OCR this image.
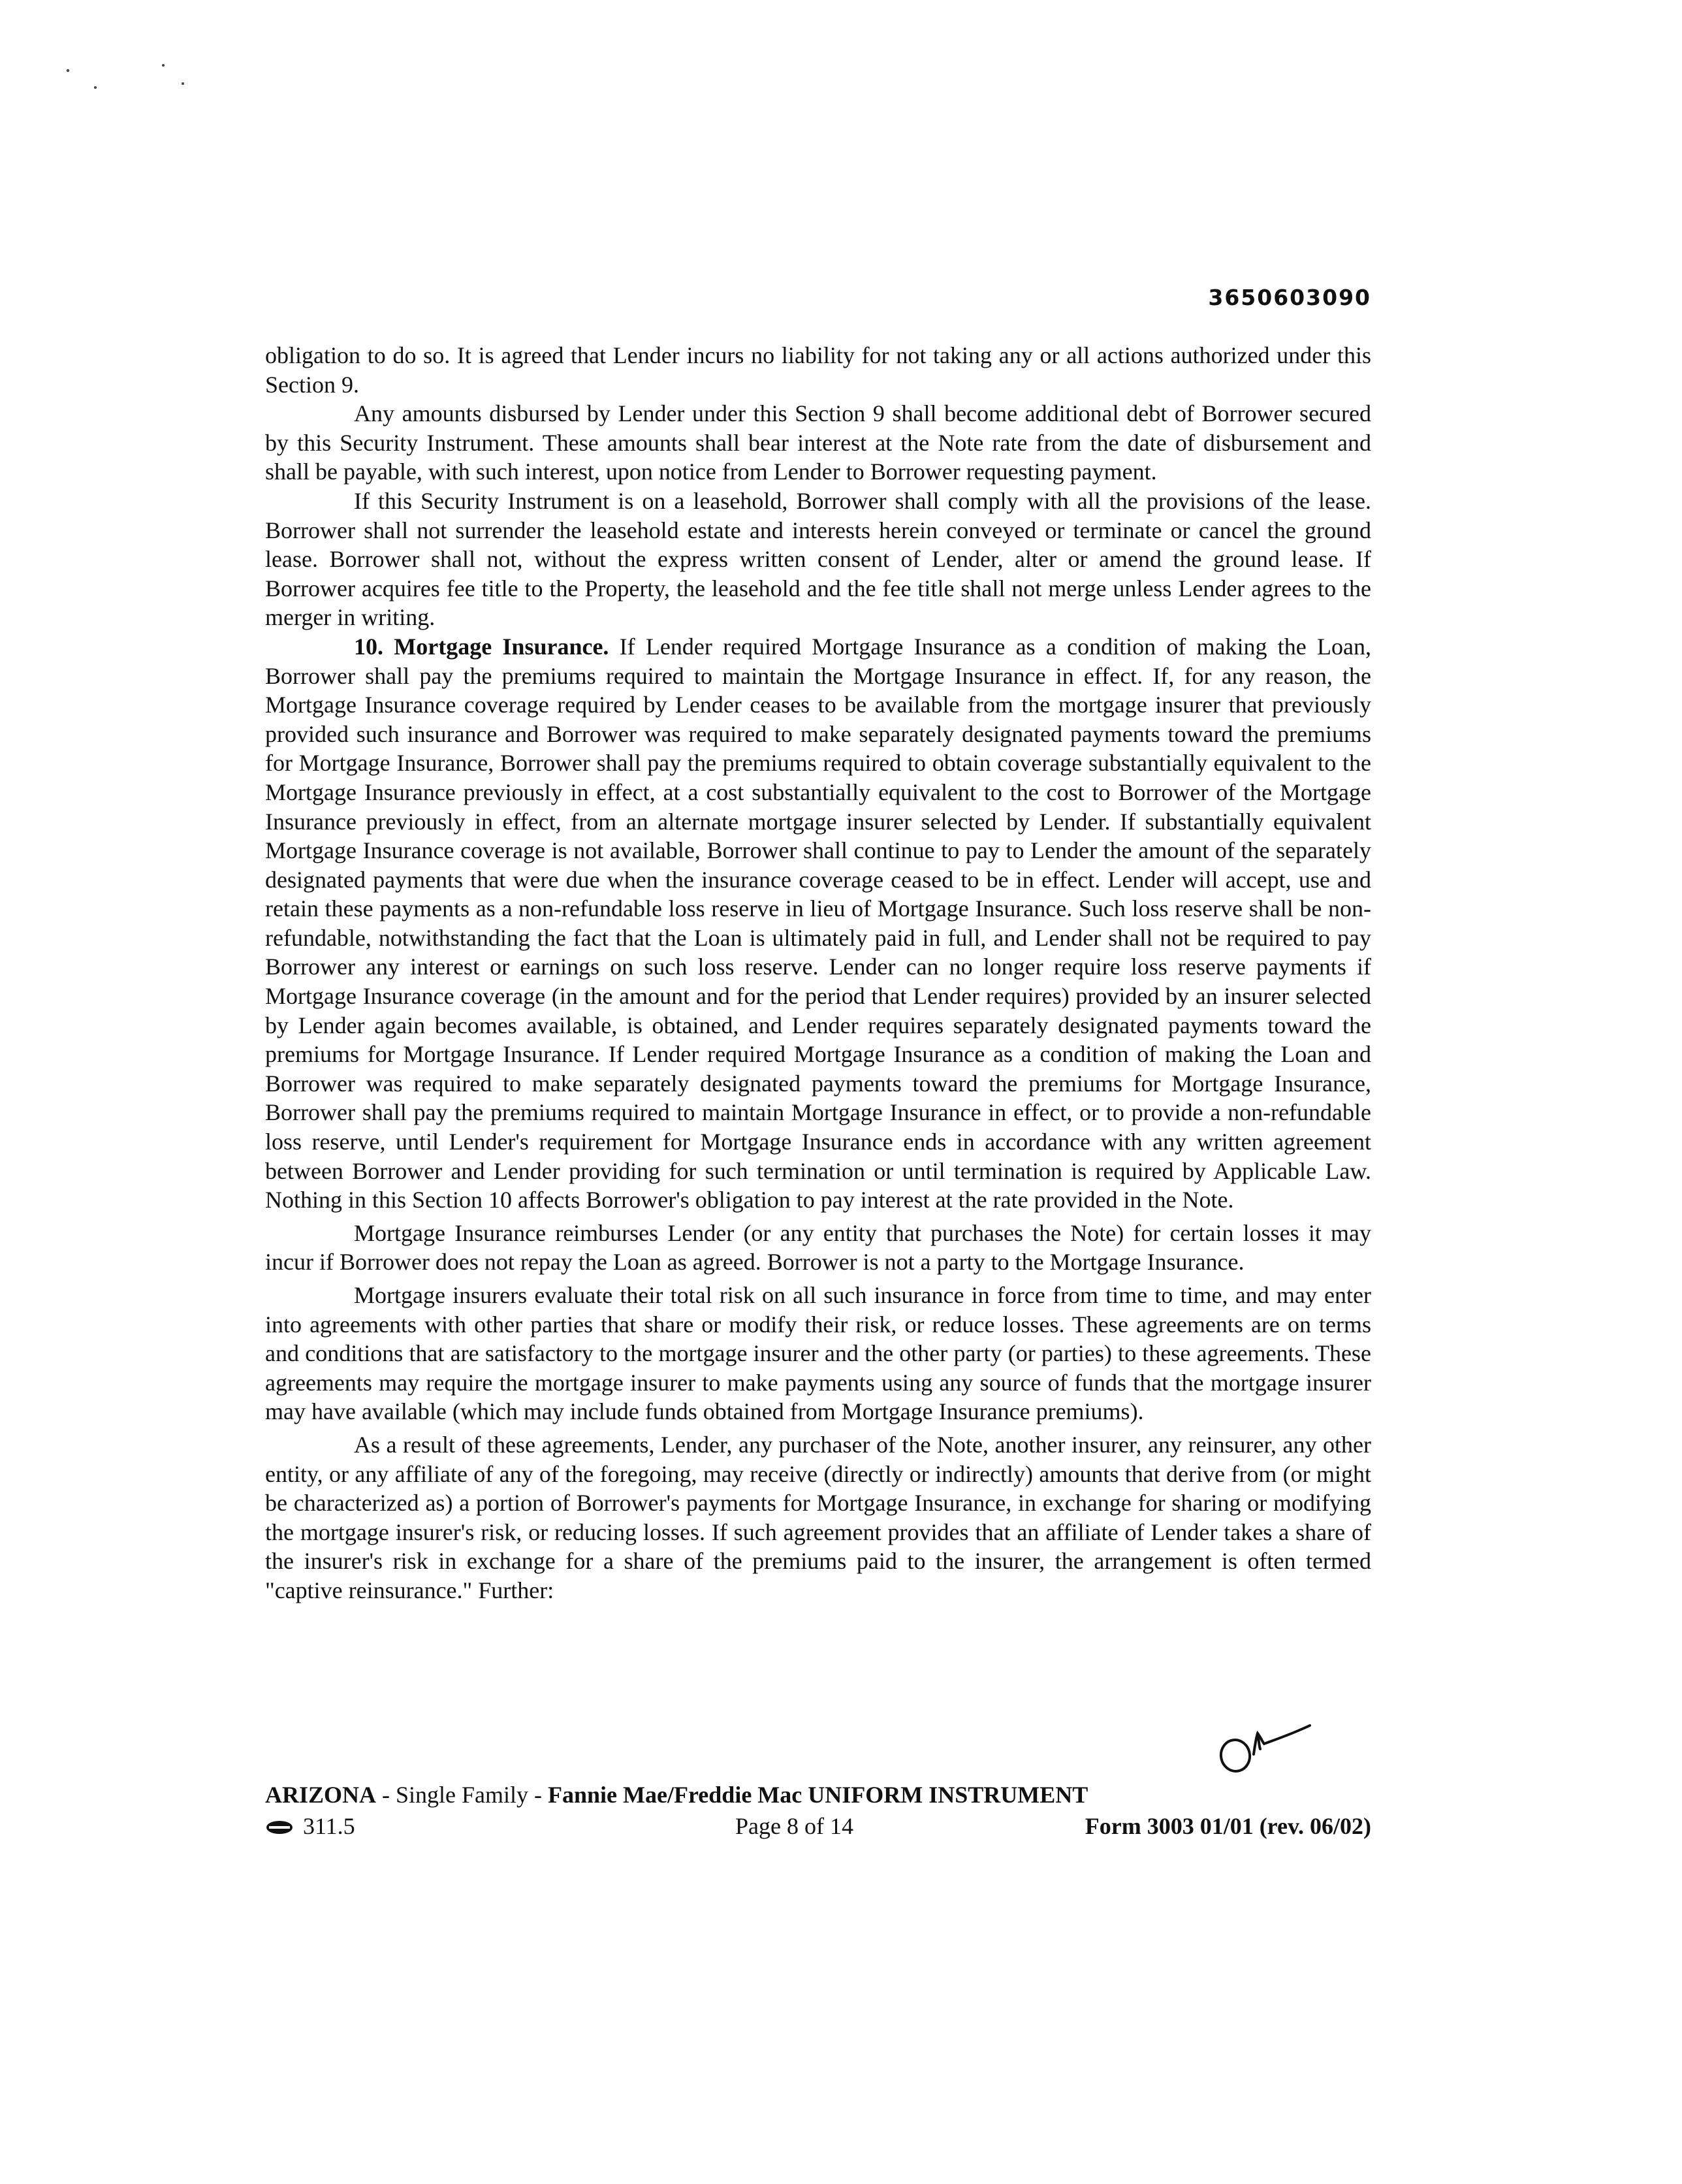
3650603090

obligation to do so. It is agreed that Lender incurs no liability for not taking any or all actions authorized under this Section 9.

Any amounts disbursed by Lender under this Section 9 shall become additional debt of Borrower secured by this Security Instrument. These amounts shall bear interest at the Note rate from the date of disbursement and shall be payable, with such interest, upon notice from Lender to Borrower requesting payment.

If this Security Instrument is on a leasehold, Borrower shall comply with all the provisions of the lease. Borrower shall not surrender the leasehold estate and interests herein conveyed or terminate or cancel the ground lease. Borrower shall not, without the express written consent of Lender, alter or amend the ground lease. If Borrower acquires fee title to the Property, the leasehold and the fee title shall not merge unless Lender agrees to the merger in writing.

10. Mortgage Insurance. If Lender required Mortgage Insurance as a condition of making the Loan, Borrower shall pay the premiums required to maintain the Mortgage Insurance in effect. If, for any reason, the Mortgage Insurance coverage required by Lender ceases to be available from the mortgage insurer that previously provided such insurance and Borrower was required to make separately designated payments toward the premiums for Mortgage Insurance, Borrower shall pay the premiums required to obtain coverage substantially equivalent to the Mortgage Insurance previously in effect, at a cost substantially equivalent to the cost to Borrower of the Mortgage Insurance previously in effect, from an alternate mortgage insurer selected by Lender. If substantially equivalent Mortgage Insurance coverage is not available, Borrower shall continue to pay to Lender the amount of the separately designated payments that were due when the insurance coverage ceased to be in effect. Lender will accept, use and retain these payments as a non-refundable loss reserve in lieu of Mortgage Insurance. Such loss reserve shall be non-refundable, notwithstanding the fact that the Loan is ultimately paid in full, and Lender shall not be required to pay Borrower any interest or earnings on such loss reserve. Lender can no longer require loss reserve payments if Mortgage Insurance coverage (in the amount and for the period that Lender requires) provided by an insurer selected by Lender again becomes available, is obtained, and Lender requires separately designated payments toward the premiums for Mortgage Insurance. If Lender required Mortgage Insurance as a condition of making the Loan and Borrower was required to make separately designated payments toward the premiums for Mortgage Insurance, Borrower shall pay the premiums required to maintain Mortgage Insurance in effect, or to provide a non-refundable loss reserve, until Lender's requirement for Mortgage Insurance ends in accordance with any written agreement between Borrower and Lender providing for such termination or until termination is required by Applicable Law. Nothing in this Section 10 affects Borrower's obligation to pay interest at the rate provided in the Note.

Mortgage Insurance reimburses Lender (or any entity that purchases the Note) for certain losses it may incur if Borrower does not repay the Loan as agreed. Borrower is not a party to the Mortgage Insurance.

Mortgage insurers evaluate their total risk on all such insurance in force from time to time, and may enter into agreements with other parties that share or modify their risk, or reduce losses. These agreements are on terms and conditions that are satisfactory to the mortgage insurer and the other party (or parties) to these agreements. These agreements may require the mortgage insurer to make payments using any source of funds that the mortgage insurer may have available (which may include funds obtained from Mortgage Insurance premiums).

As a result of these agreements, Lender, any purchaser of the Note, another insurer, any reinsurer, any other entity, or any affiliate of any of the foregoing, may receive (directly or indirectly) amounts that derive from (or might be characterized as) a portion of Borrower's payments for Mortgage Insurance, in exchange for sharing or modifying the mortgage insurer's risk, or reducing losses. If such agreement provides that an affiliate of Lender takes a share of the insurer's risk in exchange for a share of the premiums paid to the insurer, the arrangement is often termed "captive reinsurance." Further:

ARIZONA - Single Family - Fannie Mae/Freddie Mac UNIFORM INSTRUMENT
311.5	Page 8 of 14	Form 3003 01/01 (rev. 06/02)
